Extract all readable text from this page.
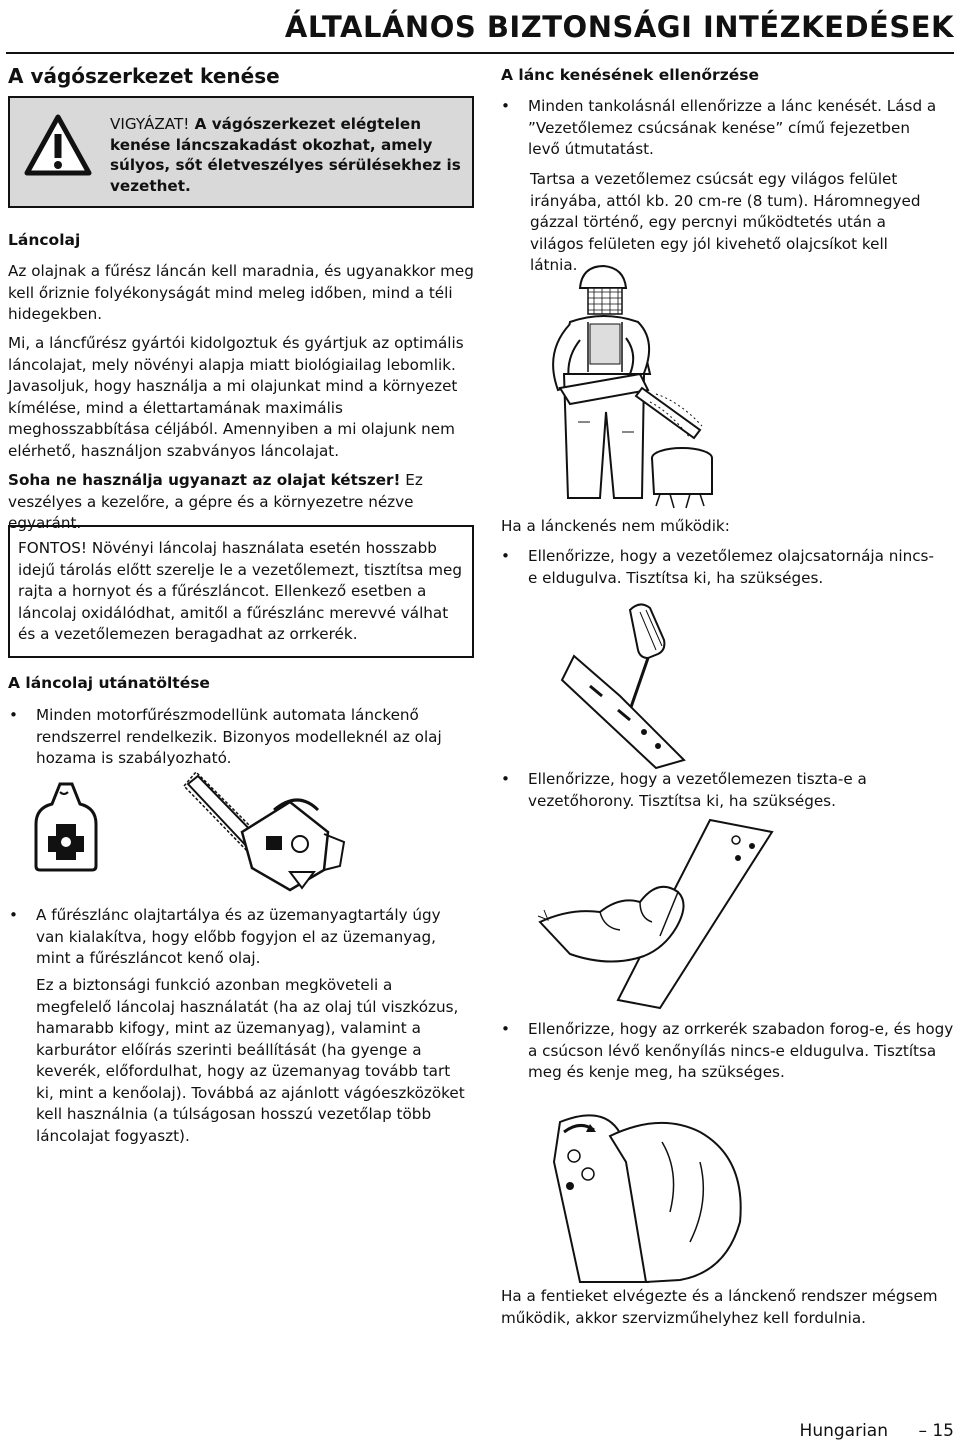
ÁLTALÁNOS BIZTONSÁGI INTÉZKEDÉSEK
A vágószerkezet kenése
VIGYÁZAT! A vágószerkezet elégtelen kenése láncszakadást okozhat, amely súlyos, sőt életveszélyes sérülésekhez is vezethet.
Láncolaj
Az olajnak a fűrész láncán kell maradnia, és ugyanakkor meg kell őriznie folyékonyságát mind meleg időben, mind a téli hidegekben.
Mi, a láncfűrész gyártói kidolgoztuk és gyártjuk az optimális láncolajat, mely növényi alapja miatt biológiailag lebomlik. Javasoljuk, hogy használja a mi olajunkat mind a környezet kímélése, mind a élettartamának maximális meghosszabbítása céljából. Amennyiben a mi olajunk nem elérhető, használjon szabványos láncolajat.
Soha ne használja ugyanazt az olajat kétszer! Ez veszélyes a kezelőre, a gépre és a környezetre nézve egyaránt.
FONTOS! Növényi láncolaj használata esetén hosszabb idejű tárolás előtt szerelje le a vezetőlemezt, tisztítsa meg rajta a hornyot és a fűrészláncot. Ellenkező esetben a láncolaj oxidálódhat, amitől a fűrészlánc merevvé válhat és a vezetőlemezen beragadhat az orrkerék.
A láncolaj utánatöltése
• Minden motorfűrészmodellünk automata lánckenő rendszerrel rendelkezik. Bizonyos modelleknél az olaj hozama is szabályozható.
• A fűrészlánc olajtartálya és az üzemanyagtartály úgy van kialakítva, hogy előbb fogyjon el az üzemanyag, mint a fűrészláncot kenő olaj.
Ez a biztonsági funkció azonban megköveteli a megfelelő láncolaj használatát (ha az olaj túl viszkózus, hamarabb kifogy, mint az üzemanyag), valamint a karburátor előírás szerinti beállítását (ha gyenge a keverék, előfordulhat, hogy az üzemanyag tovább tart ki, mint a kenőolaj). Továbbá az ajánlott vágóeszközöket kell használnia (a túlságosan hosszú vezetőlap több láncolajat fogyaszt).
A lánc kenésének ellenőrzése
• Minden tankolásnál ellenőrizze a lánc kenését. Lásd a ”Vezetőlemez csúcsának kenése” című fejezetben levő útmutatást.
Tartsa a vezetőlemez csúcsát egy világos felület irányába, attól kb. 20 cm-re (8 tum). Háromnegyed gázzal történő, egy percnyi működtetés után a világos felületen egy jól kivehető olajcsíkot kell látnia.
Ha a lánckenés nem működik:
• Ellenőrizze, hogy a vezetőlemez olajcsatornája nincs-e eldugulva. Tisztítsa ki, ha szükséges.
• Ellenőrizze, hogy a vezetőlemezen tiszta-e a vezetőhorony. Tisztítsa ki, ha szükséges.
• Ellenőrizze, hogy az orrkerék szabadon forog-e, és hogy a csúcson lévő kenőnyílás nincs-e eldugulva. Tisztítsa meg és kenje meg, ha szükséges.
Ha a fentieket elvégezte és a lánckenő rendszer mégsem működik, akkor szervizműhelyhez kell fordulnia.
Hungarian – 15
